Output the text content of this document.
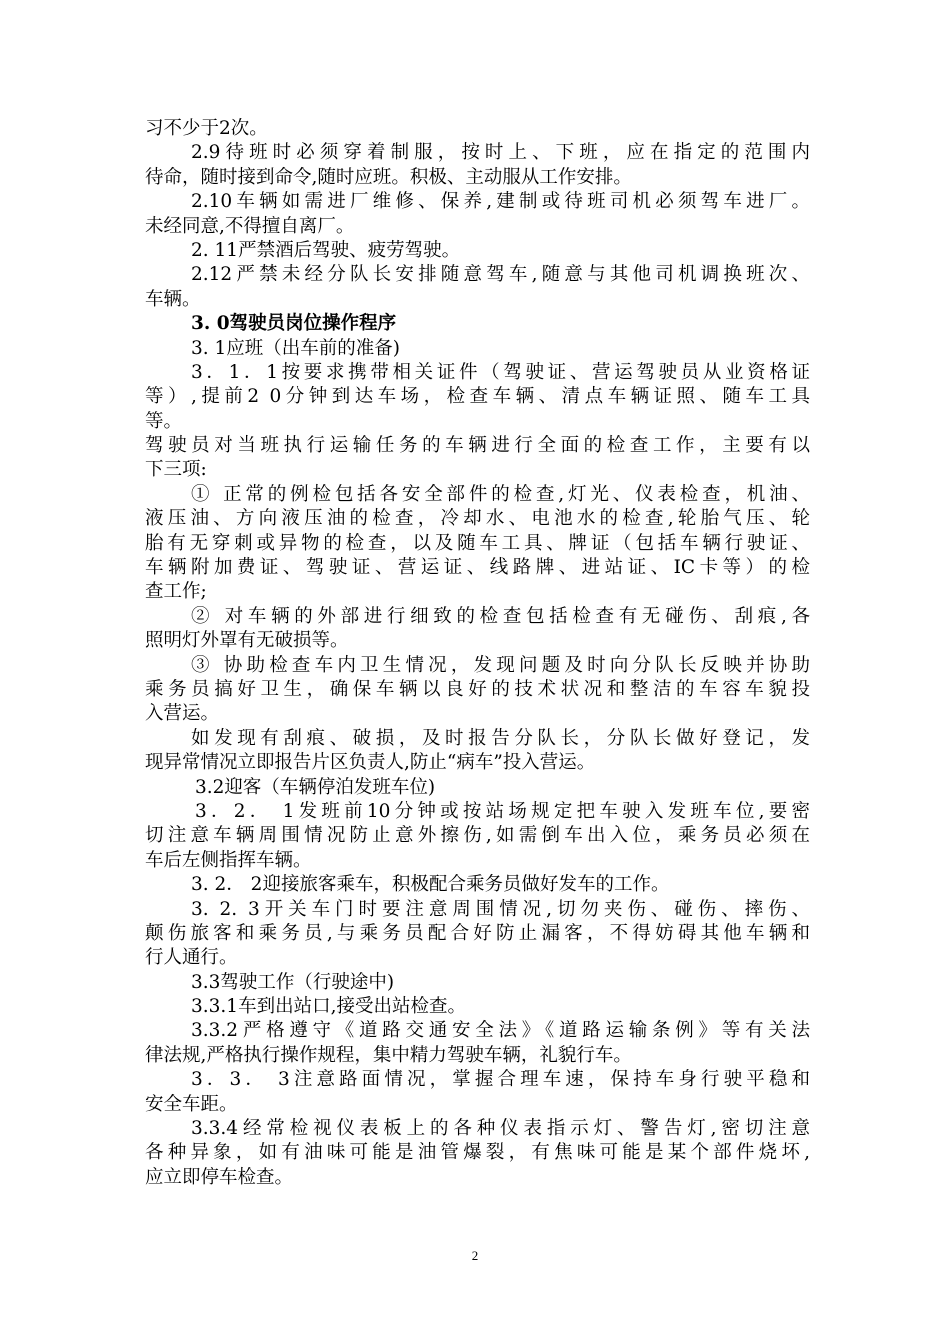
习不少于2次。
2.9待班时必须穿着制服，按时上、下班，应在指定的范围内
待命，随时接到命令,随时应班。积极、主动服从工作安排。
2.10车辆如需进厂维修、保养,建制或待班司机必须驾车进厂。
未经同意,不得擅自离厂。
2. 11严禁酒后驾驶、疲劳驾驶。
2.12严禁未经分队长安排随意驾车,随意与其他司机调换班次、
车辆。
3. 0驾驶员岗位操作程序
3. 1应班（出车前的准备)
3．1．1按要求携带相关证件（驾驶证、营运驾驶员从业资格证
等）,提前2 0分钟到达车场，检查车辆、清点车辆证照、随车工具
等。
驾驶员对当班执行运输任务的车辆进行全面的检查工作，主要有以
下三项:
① 正常的例检包括各安全部件的检查,灯光、仪表检查，机油、
液压油、方向液压油的检查，冷却水、电池水的检查,轮胎气压、轮
胎有无穿刺或异物的检查，以及随车工具、牌证（包括车辆行驶证、
车辆附加费证、驾驶证、营运证、线路牌、进站证、IC卡等）的检
查工作;
② 对车辆的外部进行细致的检查包括检查有无碰伤、刮痕,各
照明灯外罩有无破损等。
③ 协助检查车内卫生情况，发现问题及时向分队长反映并协助
乘务员搞好卫生，确保车辆以良好的技术状况和整洁的车容车貌投
入营运。
如发现有刮痕、破损，及时报告分队长，分队长做好登记，发
现异常情况立即报告片区负责人,防止“病车”投入营运。
3.2迎客（车辆停泊发班车位)
3．2． 1发班前10分钟或按站场规定把车驶入发班车位,要密
切注意车辆周围情况防止意外擦伤,如需倒车出入位，乘务员必须在
车后左侧指挥车辆。
3. 2． 2迎接旅客乘车，积极配合乘务员做好发车的工作。
3. 2. 3开关车门时要注意周围情况,切勿夹伤、碰伤、摔伤、
颠伤旅客和乘务员,与乘务员配合好防止漏客，不得妨碍其他车辆和
行人通行。
3.3驾驶工作（行驶途中)
3.3.1车到出站口,接受出站检查。
3.3.2严格遵守《道路交通安全法》《道路运输条例》等有关法
律法规,严格执行操作规程，集中精力驾驶车辆，礼貌行车。
3．3． 3注意路面情况，掌握合理车速，保持车身行驶平稳和
安全车距。
3.3.4经常检视仪表板上的各种仪表指示灯、警告灯,密切注意
各种异象，如有油味可能是油管爆裂，有焦味可能是某个部件烧坏,
应立即停车检查。
2
